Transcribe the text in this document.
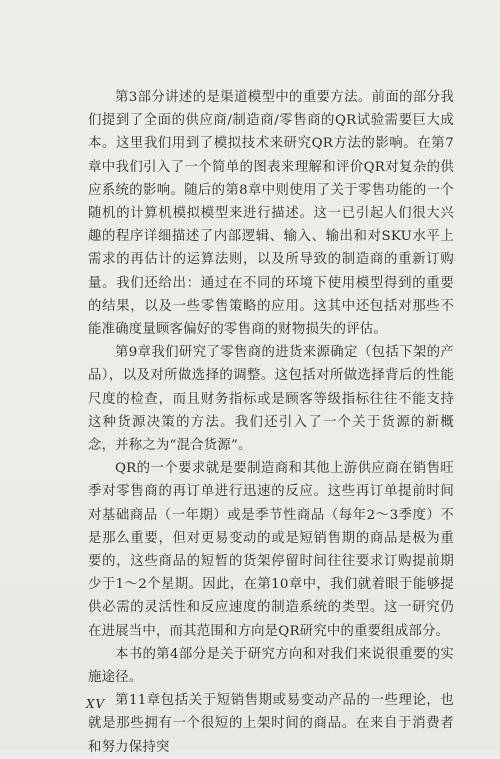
第3部分讲述的是渠道模型中的重要方法。前面的部分我们提到了全面的供应商/制造商/零售商的QR试验需要巨大成本。这里我们用到了模拟技术来研究QR方法的影响。在第7章中我们引入了一个简单的图表来理解和评价QR对复杂的供应系统的影响。随后的第8章中则使用了关于零售功能的一个随机的计算机模拟模型来进行描述。这一已引起人们很大兴趣的程序详细描述了内部逻辑、输入、输出和对SKU水平上需求的再估计的运算法则，以及所导致的制造商的重新订购量。我们还给出：通过在不同的环境下使用模型得到的重要的结果，以及一些零售策略的应用。这其中还包括对那些不能准确度量顾客偏好的零售商的财物损失的评估。

第9章我们研究了零售商的进货来源确定（包括下架的产品），以及对所做选择的调整。这包括对所做选择背后的性能尺度的检查，而且财务指标或是顾客等级指标往往不能支持这种货源决策的方法。我们还引入了一个关于货源的新概念，并称之为“混合货源”。

QR的一个要求就是要制造商和其他上游供应商在销售旺季对零售商的再订单进行迅速的反应。这些再订单提前时间对基础商品（一年期）或是季节性商品（每年2～3季度）不是那么重要，但对更易变动的或是短销售期的商品是极为重要的，这些商品的短暂的货架停留时间往往要求订购提前期少于1～2个星期。因此，在第10章中，我们就着眼于能够提供必需的灵活性和反应速度的制造系统的类型。这一研究仍在进展当中，而其范围和方向是QR研究中的重要组成部分。

本书的第4部分是关于研究方向和对我们来说很重要的实施途径。

第11章包括关于短销售期或易变动产品的一些理论，也就是那些拥有一个很短的上架时间的商品。在来自于消费者和努力保持突

XV
